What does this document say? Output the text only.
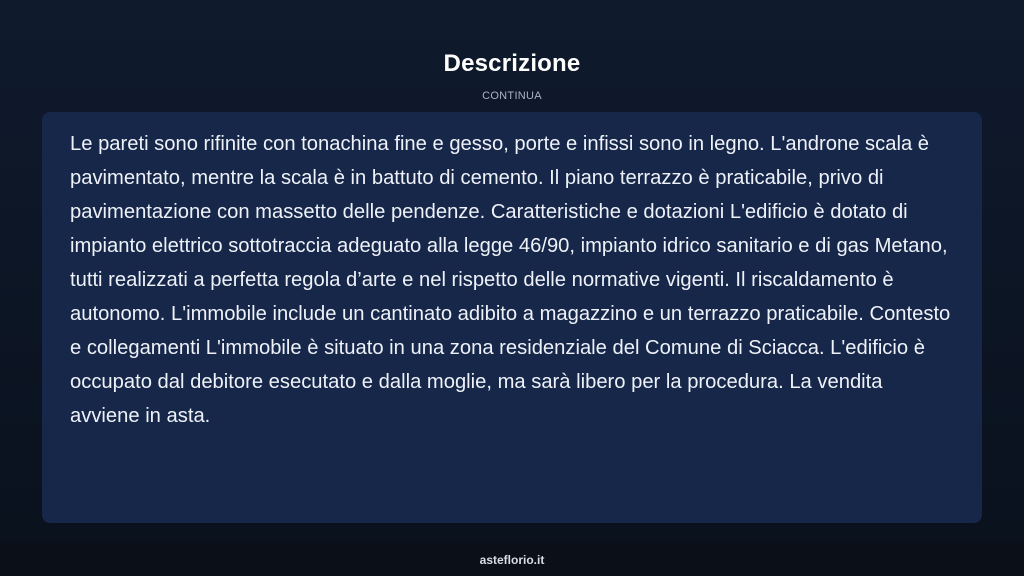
Descrizione
CONTINUA

Le pareti sono rifinite con tonachina fine e gesso, porte e infissi sono in legno. L'androne scala è pavimentato, mentre la scala è in battuto di cemento. Il piano terrazzo è praticabile, privo di pavimentazione con massetto delle pendenze. Caratteristiche e dotazioni L'edificio è dotato di impianto elettrico sottotraccia adeguato alla legge 46/90, impianto idrico sanitario e di gas Metano, tutti realizzati a perfetta regola d’arte e nel rispetto delle normative vigenti. Il riscaldamento è autonomo. L'immobile include un cantinato adibito a magazzino e un terrazzo praticabile. Contesto e collegamenti L'immobile è situato in una zona residenziale del Comune di Sciacca. L'edificio è occupato dal debitore esecutato e dalla moglie, ma sarà libero per la procedura. La vendita avviene in asta.

asteflorio.it
